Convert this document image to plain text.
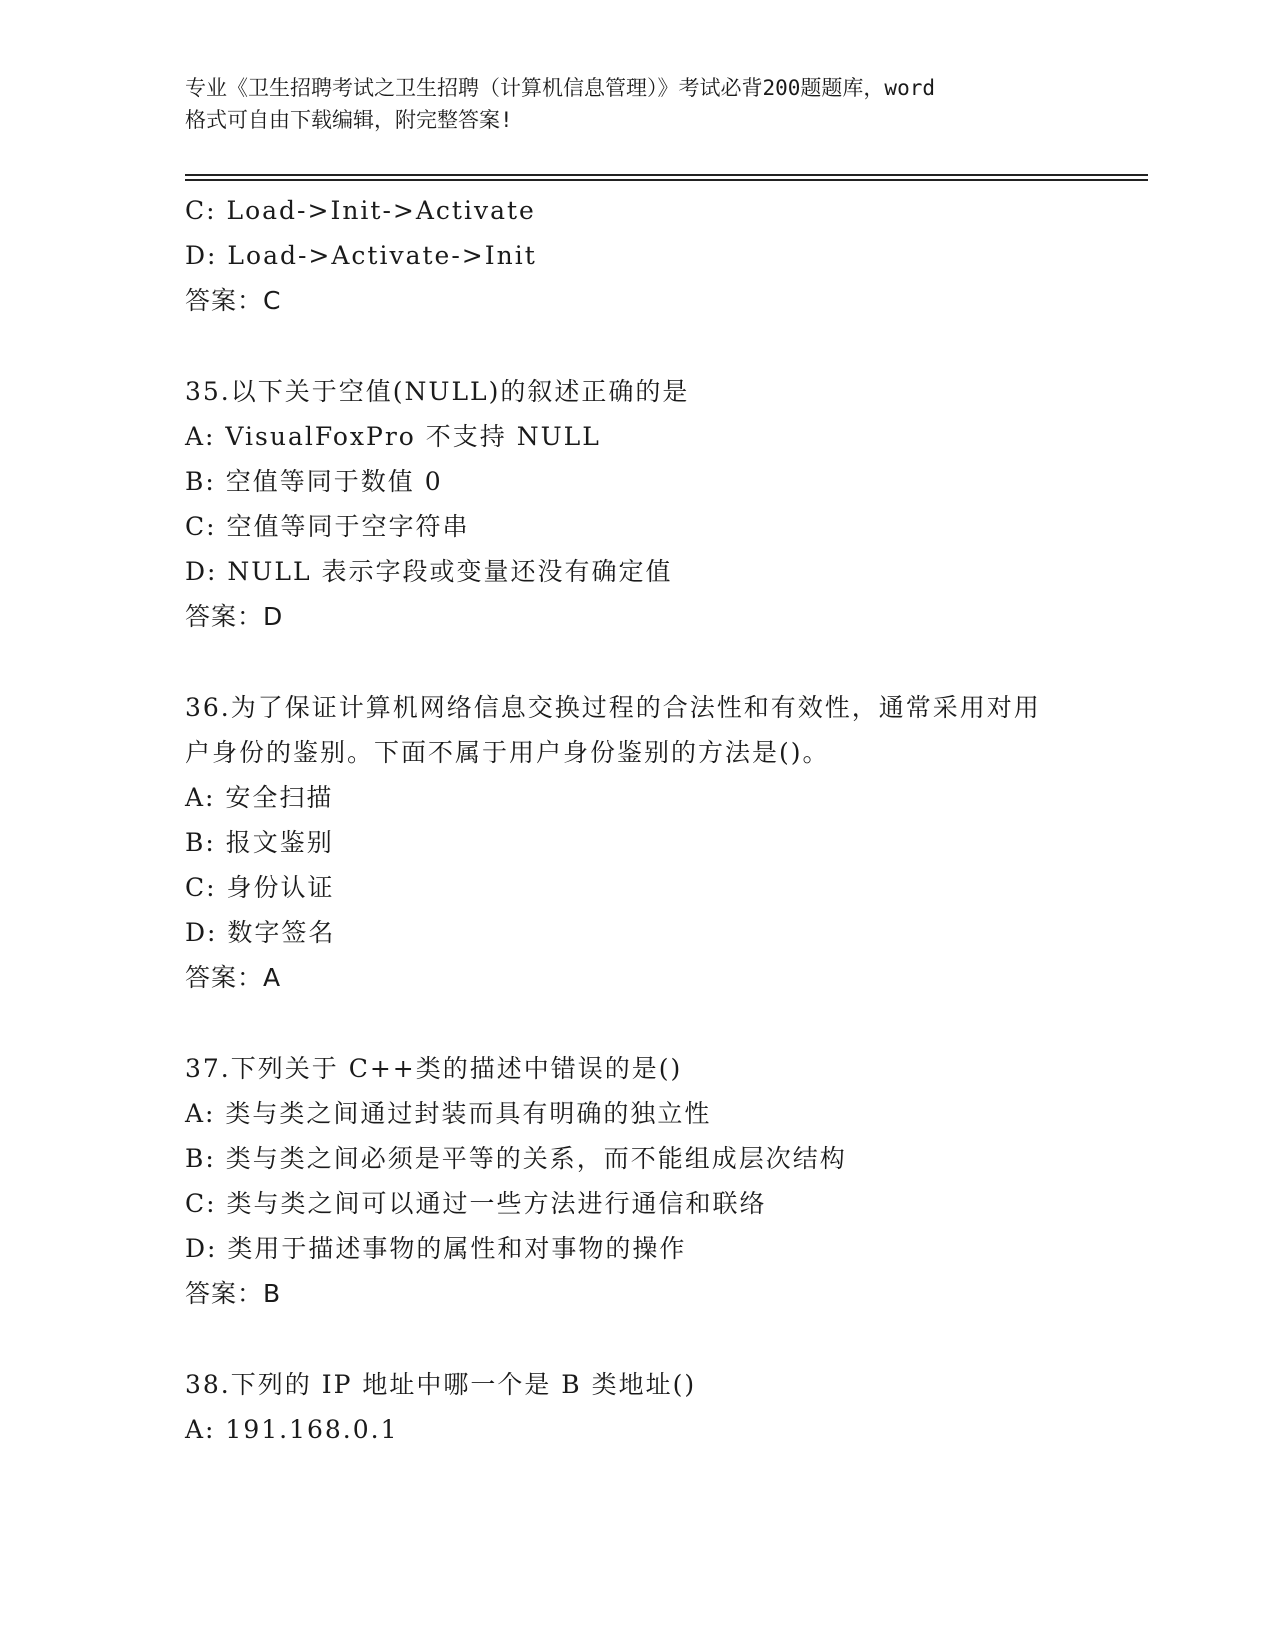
专业《卫生招聘考试之卫生招聘（计算机信息管理）》考试必背200题题库，word
格式可自由下载编辑，附完整答案!
C: Load->Init->Activate
D: Load->Activate->Init
答案：C
35.以下关于空值(NULL)的叙述正确的是
A: VisualFoxPro 不支持 NULL
B: 空值等同于数值 0
C: 空值等同于空字符串
D: NULL 表示字段或变量还没有确定值
答案：D
36.为了保证计算机网络信息交换过程的合法性和有效性，通常采用对用户身份的鉴别。下面不属于用户身份鉴别的方法是()。
A: 安全扫描
B: 报文鉴别
C: 身份认证
D: 数字签名
答案：A
37.下列关于 C++类的描述中错误的是()
A: 类与类之间通过封装而具有明确的独立性
B: 类与类之间必须是平等的关系，而不能组成层次结构
C: 类与类之间可以通过一些方法进行通信和联络
D: 类用于描述事物的属性和对事物的操作
答案：B
38.下列的 IP 地址中哪一个是 B 类地址()
A: 191.168.0.1
